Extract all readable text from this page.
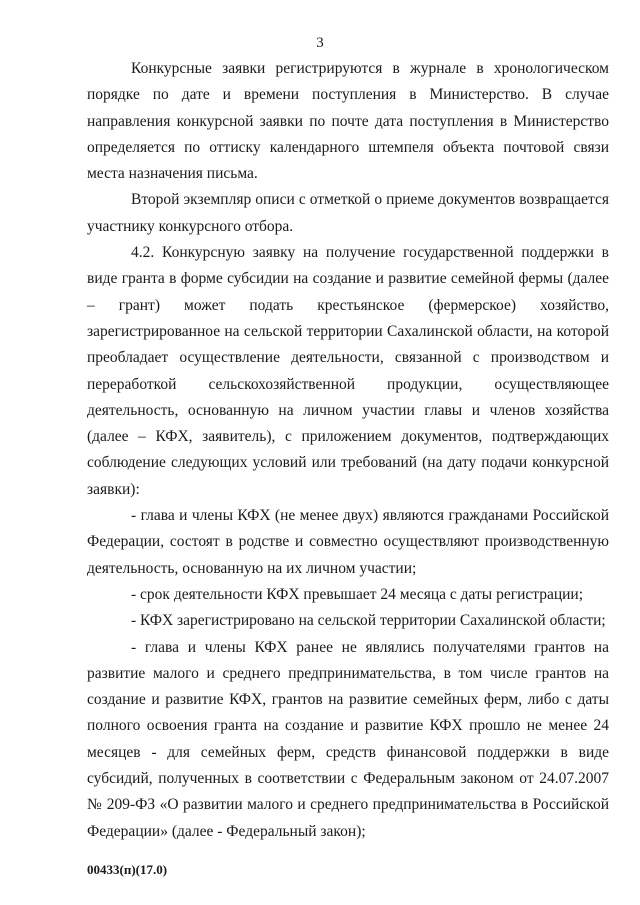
3

Конкурсные заявки регистрируются в журнале в хронологическом порядке по дате и времени поступления в Министерство. В случае направления конкурсной заявки по почте дата поступления в Министерство определяется по оттиску календарного штемпеля объекта почтовой связи места назначения письма.

Второй экземпляр описи с отметкой о приеме документов возвращается участнику конкурсного отбора.

4.2. Конкурсную заявку на получение государственной поддержки в виде гранта в форме субсидии на создание и развитие семейной фермы (далее – грант) может подать крестьянское (фермерское) хозяйство, зарегистрированное на сельской территории Сахалинской области, на которой преобладает осуществление деятельности, связанной с производством и переработкой сельскохозяйственной продукции, осуществляющее деятельность, основанную на личном участии главы и членов хозяйства (далее – КФХ, заявитель), с приложением документов, подтверждающих соблюдение следующих условий или требований (на дату подачи конкурсной заявки):

- глава и члены КФХ (не менее двух) являются гражданами Российской Федерации, состоят в родстве и совместно осуществляют производственную деятельность, основанную на их личном участии;

- срок деятельности КФХ превышает 24 месяца с даты регистрации;

- КФХ зарегистрировано на сельской территории Сахалинской области;

- глава и члены КФХ ранее не являлись получателями грантов на развитие малого и среднего предпринимательства, в том числе грантов на создание и развитие КФХ, грантов на развитие семейных ферм, либо с даты полного освоения гранта на создание и развитие КФХ прошло не менее 24 месяцев - для семейных ферм, средств финансовой поддержки в виде субсидий, полученных в соответствии с Федеральным законом от 24.07.2007 № 209-ФЗ «О развитии малого и среднего предпринимательства в Российской Федерации» (далее - Федеральный закон);

00433(п)(17.0)
